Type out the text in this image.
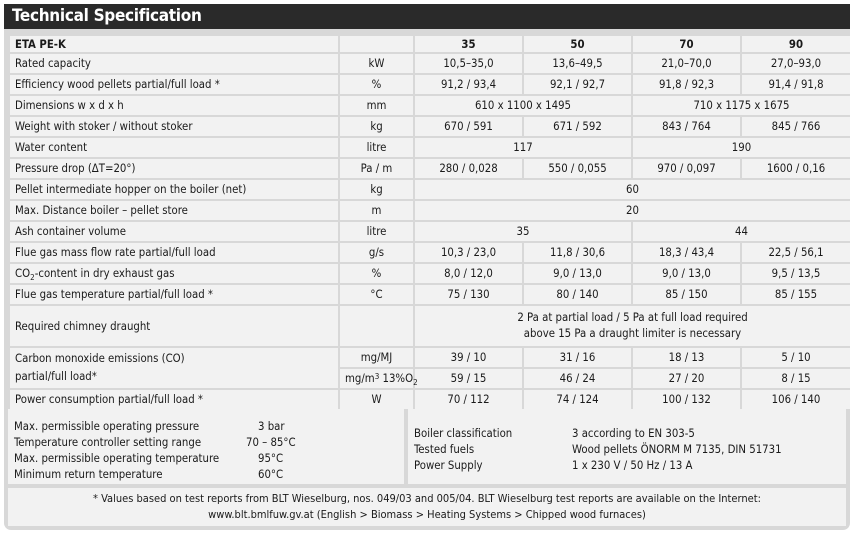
Technical Specification
ETA PE-K		35	50	70	90
Rated capacity	kW	10,5–35,0	13,6–49,5	21,0–70,0	27,0–93,0
Efficiency wood pellets partial/full load *	%	91,2 / 93,4	92,1 / 92,7	91,8 / 92,3	91,4 / 91,8
Dimensions w x d x h	mm	610 x 1100 x 1495		710 x 1175 x 1675	
Weight with stoker / without stoker	kg	670 / 591	671 / 592	843 / 764	845 / 766
Water content	litre	117		190	
Pressure drop (ΔT=20°)	Pa / m	280 / 0,028	550 / 0,055	970 / 0,097	1600 / 0,16
Pellet intermediate hopper on the boiler (net)	kg	60			
Max. Distance boiler – pellet store	m	20			
Ash container volume	litre	35		44	
Flue gas mass flow rate partial/full load	g/s	10,3 / 23,0	11,8 / 30,6	18,3 / 43,4	22,5 / 56,1
$CO_2$-content in dry exhaust gas	%	8,0 / 12,0	9,0 / 13,0	9,0 / 13,0	9,5 / 13,5
Flue gas temperature partial/full load *	°C	75 / 130	80 / 140	85 / 150	85 / 155
Required chimney draught		2 Pa at partial load / 5 Pa at full load required
above 15 Pa a draught limiter is necessary			

Carbon monoxide emissions (CO)
partial/full load*	mg/MJ	39 / 10	31 / 16	18 / 13	5 / 10
	$mg/m^3$ $13\%O_2$	59 / 15	46 / 24	27 / 20	8 / 15
Power consumption partial/full load *	W	70 / 112	74 / 124	100 / 132	106 / 140
Max. permissible operating pressure	3 bar
Temperature controller setting range	70 – 85°C
Max. permissible operating temperature	95°C
Minimum return temperature	60°C
Boiler classification	3 according to EN 303-5
Tested fuels	Wood pellets ÖNORM M 7135, DIN 51731
Power Supply	1 x 230 V / 50 Hz / 13 A
* Values based on test reports from BLT Wieselburg, nos. 049/03 and 005/04. BLT Wieselburg test reports are available on the Internet:
www.blt.bmlfuw.gv.at (English > Biomass > Heating Systems > Chipped wood furnaces)
